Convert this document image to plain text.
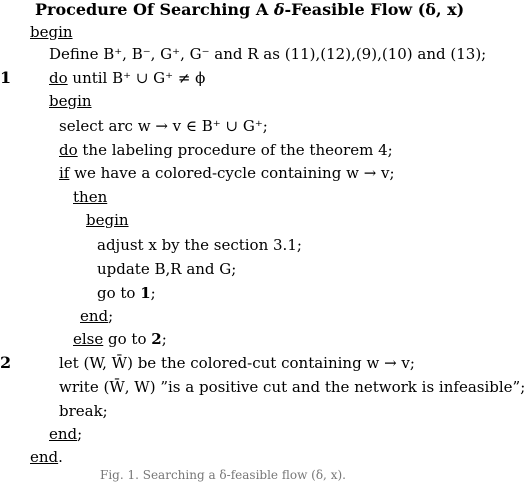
Procedure Of Searching A δ-Feasible Flow (δ, x)
begin
Define B⁺, B⁻, G⁺, G⁻ and R as (11),(12),(9),(10) and (13);
1	do until B⁺ ∪ G⁺ ≠ ϕ
begin
select arc w → v ∈ B⁺ ∪ G⁺;
do the labeling procedure of the theorem 4;
if we have a colored-cycle containing w → v;
then
begin
adjust x by the section 3.1;
update B,R and G;
go to 1;
end;
else go to 2;
2	let (W, W̄) be the colored-cut containing w → v;
write (W̄, W) ”is a positive cut and the network is infeasible”;
break;
end;
end.
Fig. 1. Searching a δ-feasible flow (δ, x).
